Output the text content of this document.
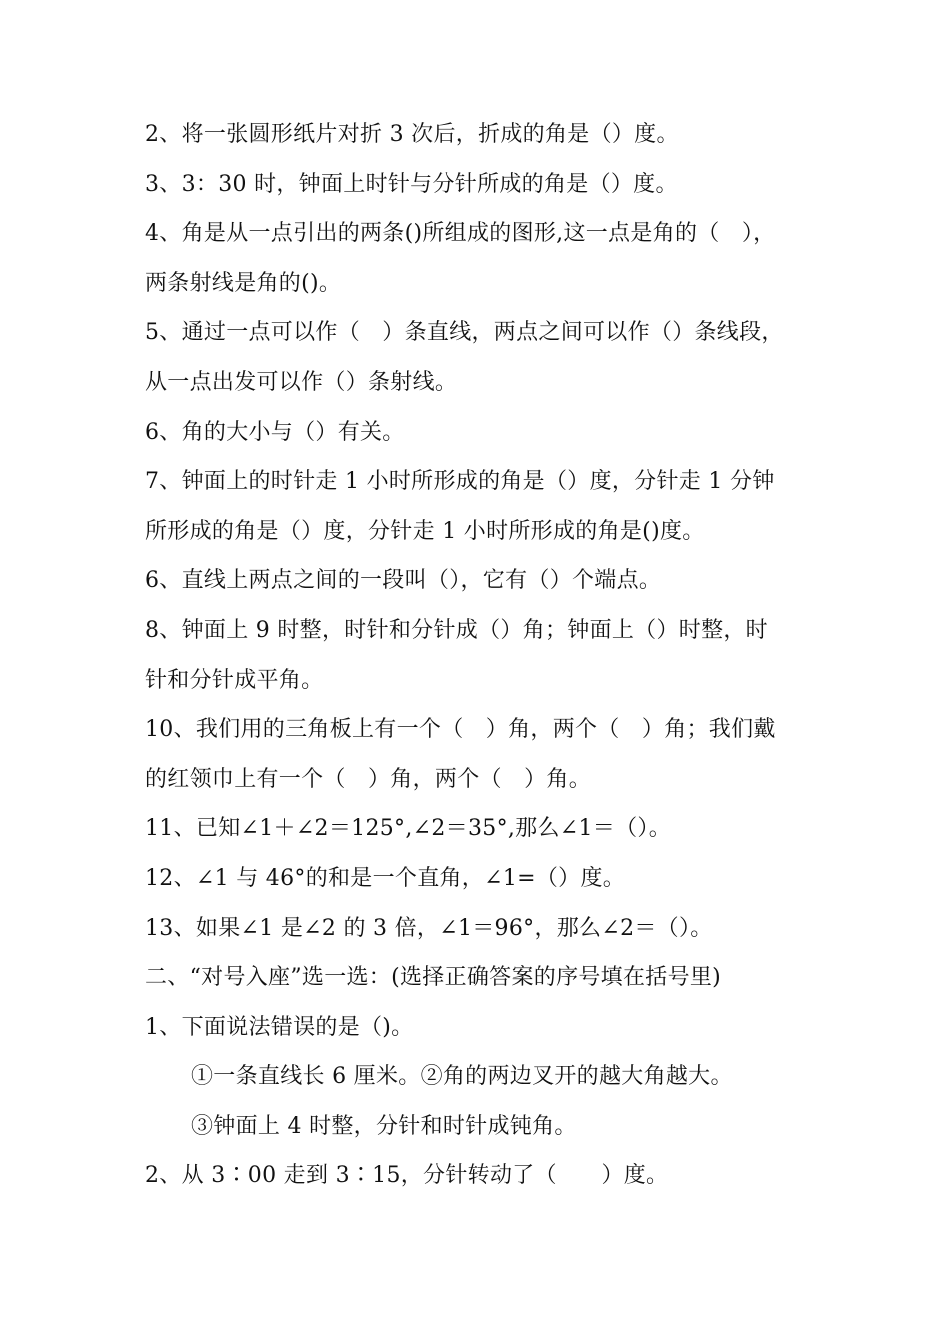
2、将一张圆形纸片对折 3 次后，折成的角是（）度。
3、3：30 时，钟面上时针与分针所成的角是（）度。
4、角是从一点引出的两条()所组成的图形,这一点是角的（　），
两条射线是角的()。
5、通过一点可以作（　）条直线，两点之间可以作（）条线段，
从一点出发可以作（）条射线。
6、角的大小与（）有关。
7、钟面上的时针走 1 小时所形成的角是（）度，分针走 1 分钟
所形成的角是（）度，分针走 1 小时所形成的角是()度。
6、直线上两点之间的一段叫（），它有（）个端点。
8、钟面上 9 时整，时针和分针成（）角；钟面上（）时整，时
针和分针成平角。
10、我们用的三角板上有一个（　）角，两个（　）角；我们戴
的红领巾上有一个（　）角，两个（　）角。
11、已知∠1＋∠2＝125°,∠2＝35°,那么∠1＝（）。
12、∠1 与 46°的和是一个直角，∠1=（）度。
13、如果∠1 是∠2 的 3 倍，∠1＝96°，那么∠2＝（）。
二、“对号入座”选一选：(选择正确答案的序号填在括号里)
1、下面说法错误的是（)。
①一条直线长 6 厘米。②角的两边叉开的越大角越大。
③钟面上 4 时整，分针和时针成钝角。
2、从 3∶00 走到 3∶15，分针转动了（　　）度。
